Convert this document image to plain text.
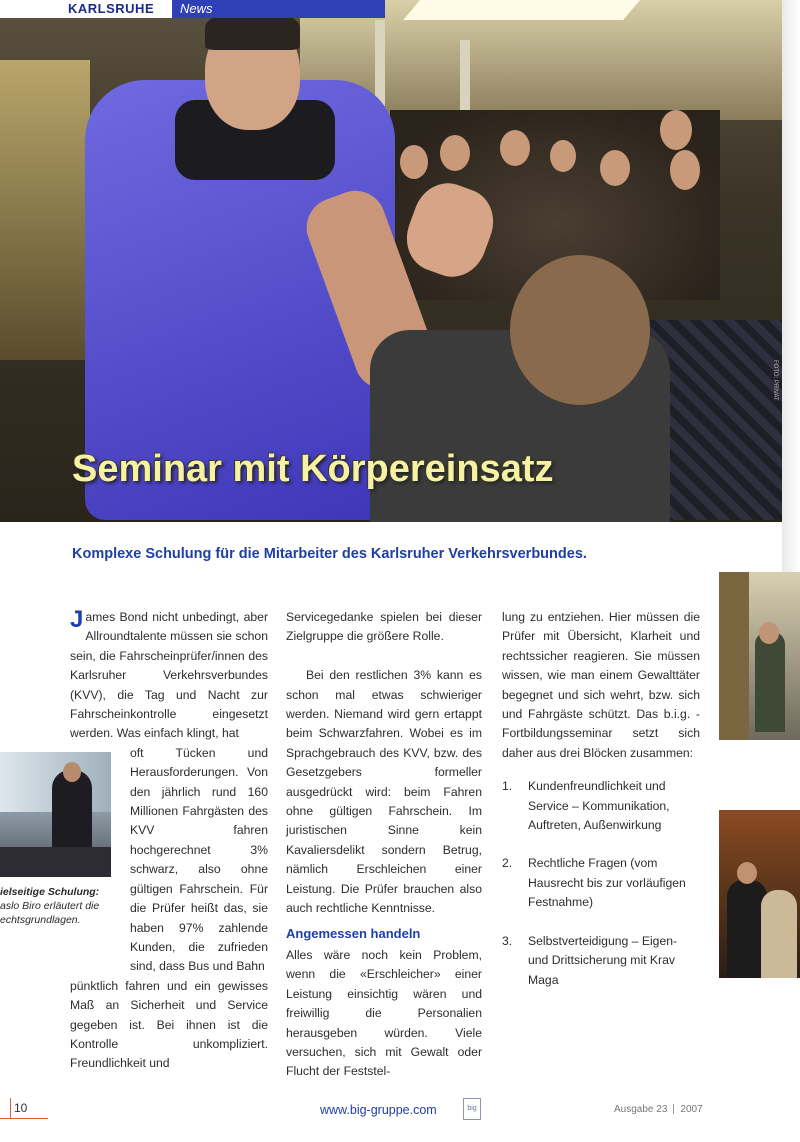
Seminar mit Körpereinsatz
FOTO: PRIVAT
KARLSRUHE	News
Komplexe Schulung für die Mitarbeiter des Karlsruher Verkehrsverbundes.

James Bond nicht unbedingt, aber Allroundtalente müssen sie schon sein, die Fahrscheinprüfer/innen des Karlsruher Verkehrsverbundes (KVV), die Tag und Nacht zur Fahrscheinkontrolle eingesetzt werden. Was einfach klingt, hat

oft Tücken und Herausforderungen. Von den jährlich rund 160 Millionen Fahrgästen des KVV fahren hochgerechnet 3% schwarz, also ohne gültigen Fahrschein. Für die Prüfer heißt das, sie haben 97% zahlende Kunden, die zufrieden sind, dass Bus und Bahn

pünktlich fahren und ein gewisses Maß an Sicherheit und Service gegeben ist. Bei ihnen ist die Kontrolle unkompliziert. Freundlichkeit und

ielseitige Schulung:
aslo Biro erläutert die echtsgrundlagen.

Servicegedanke spielen bei dieser Zielgruppe die größere Rolle.

Bei den restlichen 3% kann es schon mal etwas schwieriger werden. Niemand wird gern ertappt beim Schwarzfahren. Wobei es im Sprachgebrauch des KVV, bzw. des Gesetzgebers formeller ausgedrückt wird: beim Fahren ohne gültigen Fahrschein. Im juristischen Sinne kein Kavaliersdelikt sondern Betrug, nämlich Erschleichen einer Leistung. Die Prüfer brauchen also auch rechtliche Kenntnisse.

Angemessen handeln

Alles wäre noch kein Problem, wenn die «Erschleicher» einer Leistung einsichtig wären und freiwillig die Personalien herausgeben würden. Viele versuchen, sich mit Gewalt oder Flucht der Feststel-

lung zu entziehen. Hier müssen die Prüfer mit Übersicht, Klarheit und rechtssicher reagieren. Sie müssen wissen, wie man einem Gewalttäter begegnet und sich wehrt, bzw. sich und Fahrgäste schützt. Das b.i.g. - Fortbildungsseminar setzt sich daher aus drei Blöcken zusammen:

1.	Kundenfreundlichkeit und Service – Kommunikation, Auftreten, Außenwirkung
2.	Rechtliche Fragen (vom Hausrecht bis zur vorläufigen Festnahme)
3.	Selbstverteidigung – Eigen- und Drittsicherung mit Krav Maga
10	www.big-gruppe.com	big	Ausgabe 23 2007
